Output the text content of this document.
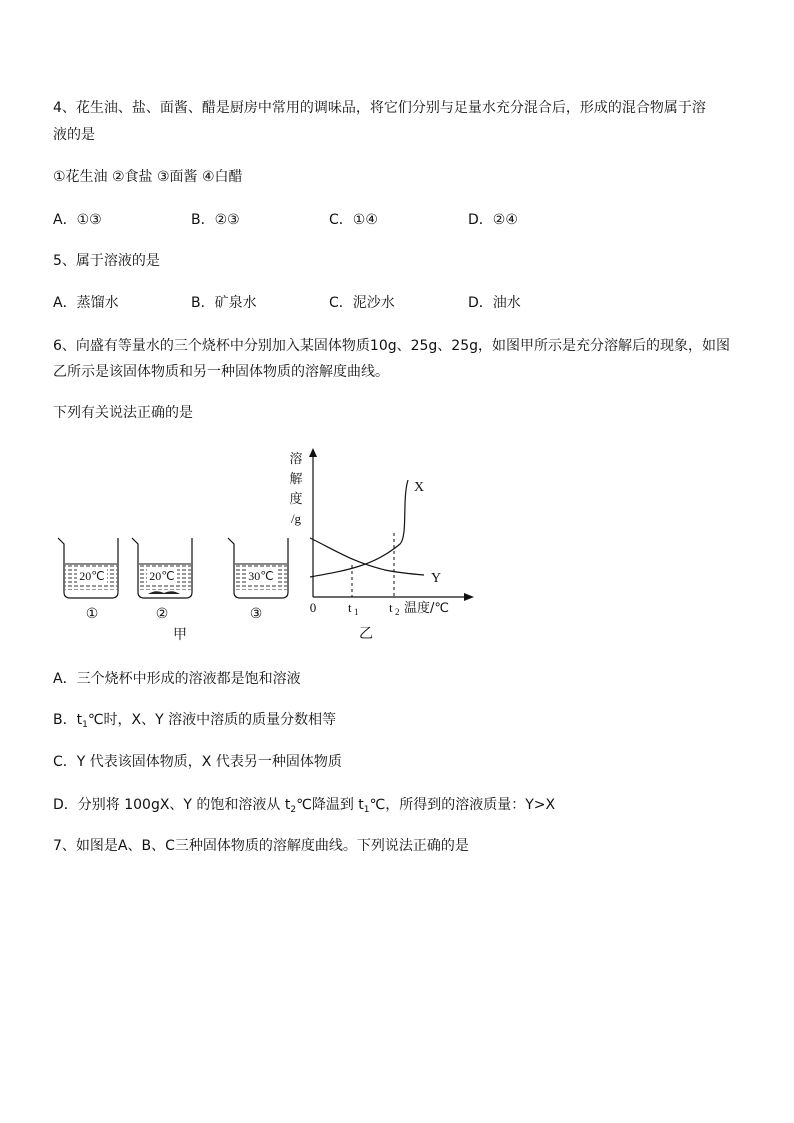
4、花生油、盐、面酱、醋是厨房中常用的调味品，将它们分别与足量水充分混合后，形成的混合物属于溶
液的是
①花生油 ②食盐 ③面酱 ④白醋
A．①③	B．②③	C．①④	D．②④
5、属于溶液的是
A．蒸馏水	B．矿泉水	C．泥沙水	D．油水
6、向盛有等量水的三个烧杯中分别加入某固体物质10g、25g、25g，如图甲所示是充分溶解后的现象，如图
乙所示是该固体物质和另一种固体物质的溶解度曲线。
下列有关说法正确的是
20℃
①
20℃
②
30℃
③
甲
溶
解
度
/g
X
Y
0 t 1 t 2 温度/℃
乙
A．三个烧杯中形成的溶液都是饱和溶液
B．$t_1℃$时，X、Y 溶液中溶质的质量分数相等
C．Y 代表该固体物质，X 代表另一种固体物质
D．分别将 100gX、Y 的饱和溶液从 $t_2℃$降温到 $t_1℃$，所得到的溶液质量：Y>X
7、如图是A、B、C三种固体物质的溶解度曲线。下列说法正确的是
